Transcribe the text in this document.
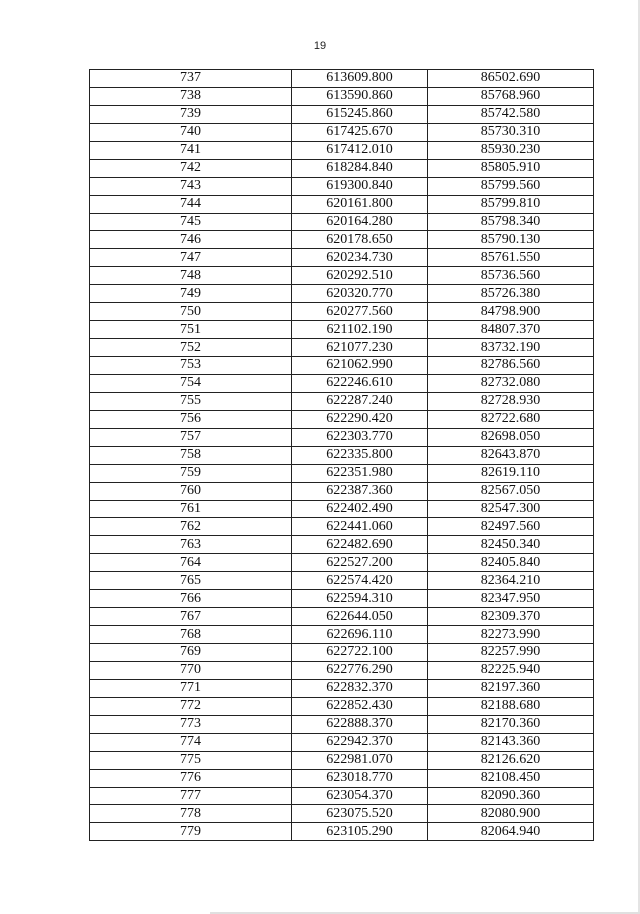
19
737	613609.800	86502.690
738	613590.860	85768.960
739	615245.860	85742.580
740	617425.670	85730.310
741	617412.010	85930.230
742	618284.840	85805.910
743	619300.840	85799.560
744	620161.800	85799.810
745	620164.280	85798.340
746	620178.650	85790.130
747	620234.730	85761.550
748	620292.510	85736.560
749	620320.770	85726.380
750	620277.560	84798.900
751	621102.190	84807.370
752	621077.230	83732.190
753	621062.990	82786.560
754	622246.610	82732.080
755	622287.240	82728.930
756	622290.420	82722.680
757	622303.770	82698.050
758	622335.800	82643.870
759	622351.980	82619.110
760	622387.360	82567.050
761	622402.490	82547.300
762	622441.060	82497.560
763	622482.690	82450.340
764	622527.200	82405.840
765	622574.420	82364.210
766	622594.310	82347.950
767	622644.050	82309.370
768	622696.110	82273.990
769	622722.100	82257.990
770	622776.290	82225.940
771	622832.370	82197.360
772	622852.430	82188.680
773	622888.370	82170.360
774	622942.370	82143.360
775	622981.070	82126.620
776	623018.770	82108.450
777	623054.370	82090.360
778	623075.520	82080.900
779	623105.290	82064.940
